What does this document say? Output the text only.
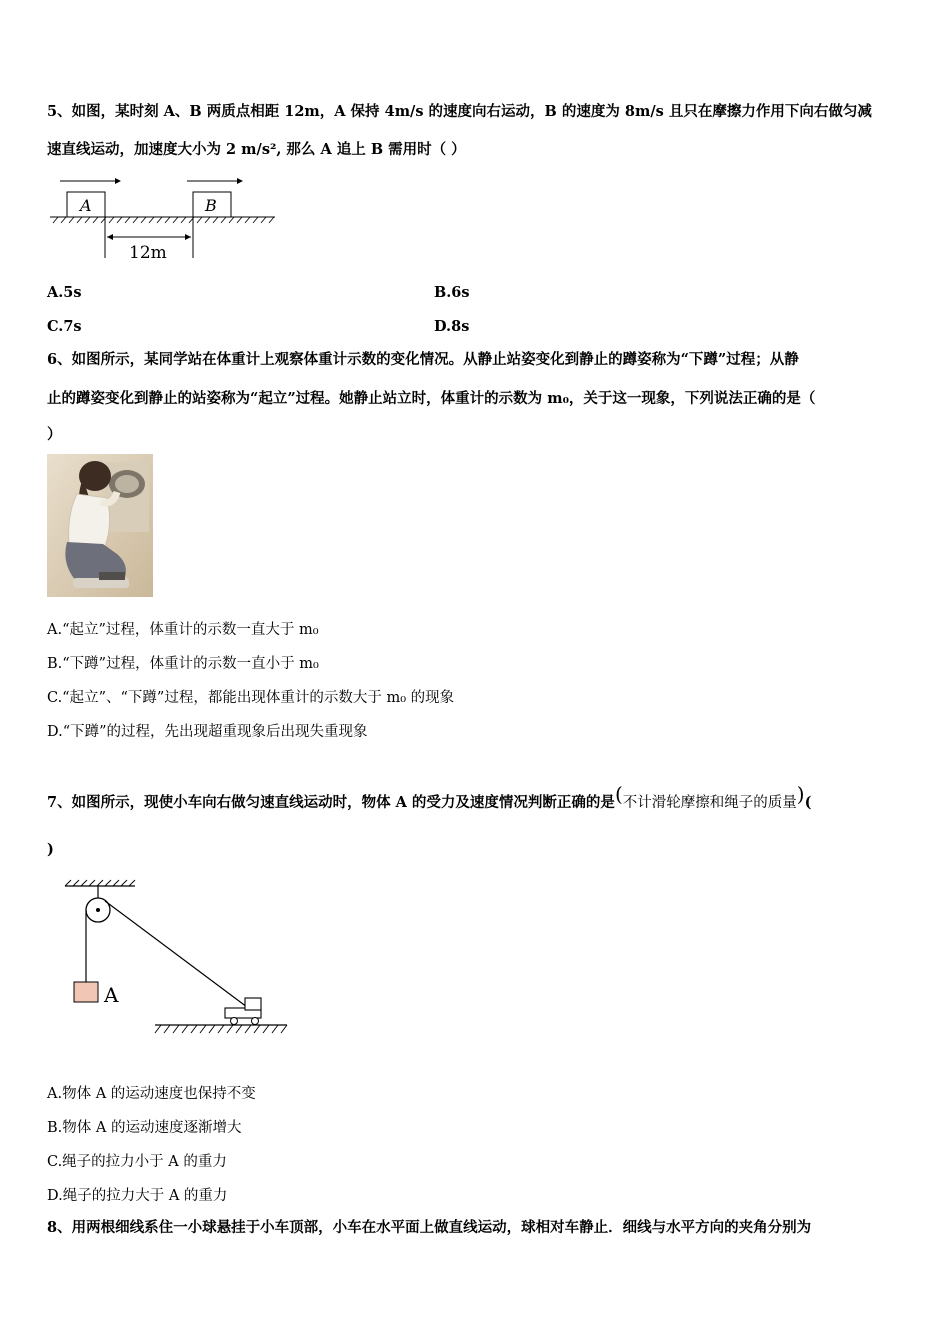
5、如图，某时刻 A、B 两质点相距 12m，A 保持 4m/s 的速度向右运动，B 的速度为 8m/s 且只在摩擦力作用下向右做匀减
速直线运动，加速度大小为 2 m/s², 那么 A 追上 B 需用时（ ）
A	B
12m
A.5s	B.6s
C.7s	D.8s
6、如图所示，某同学站在体重计上观察体重计示数的变化情况。从静止站姿变化到静止的蹲姿称为“下蹲”过程；从静
止的蹲姿变化到静止的站姿称为“起立”过程。她静止站立时，体重计的示数为 m₀，关于这一现象，下列说法正确的是（
）
A.“起立”过程，体重计的示数一直大于 m₀
B.“下蹲”过程，体重计的示数一直小于 m₀
C.“起立”、“下蹲”过程，都能出现体重计的示数大于 m₀ 的现象
D.“下蹲”的过程，先出现超重现象后出现失重现象
7、如图所示，现使小车向右做匀速直线运动时，物体 A 的受力及速度情况判断正确的是(不计滑轮摩擦和绳子的质量)(
)
A
A.物体 A 的运动速度也保持不变
B.物体 A 的运动速度逐渐增大
C.绳子的拉力小于 A 的重力
D.绳子的拉力大于 A 的重力
8、用两根细线系住一小球悬挂于小车顶部，小车在水平面上做直线运动，球相对车静止．细线与水平方向的夹角分别为
